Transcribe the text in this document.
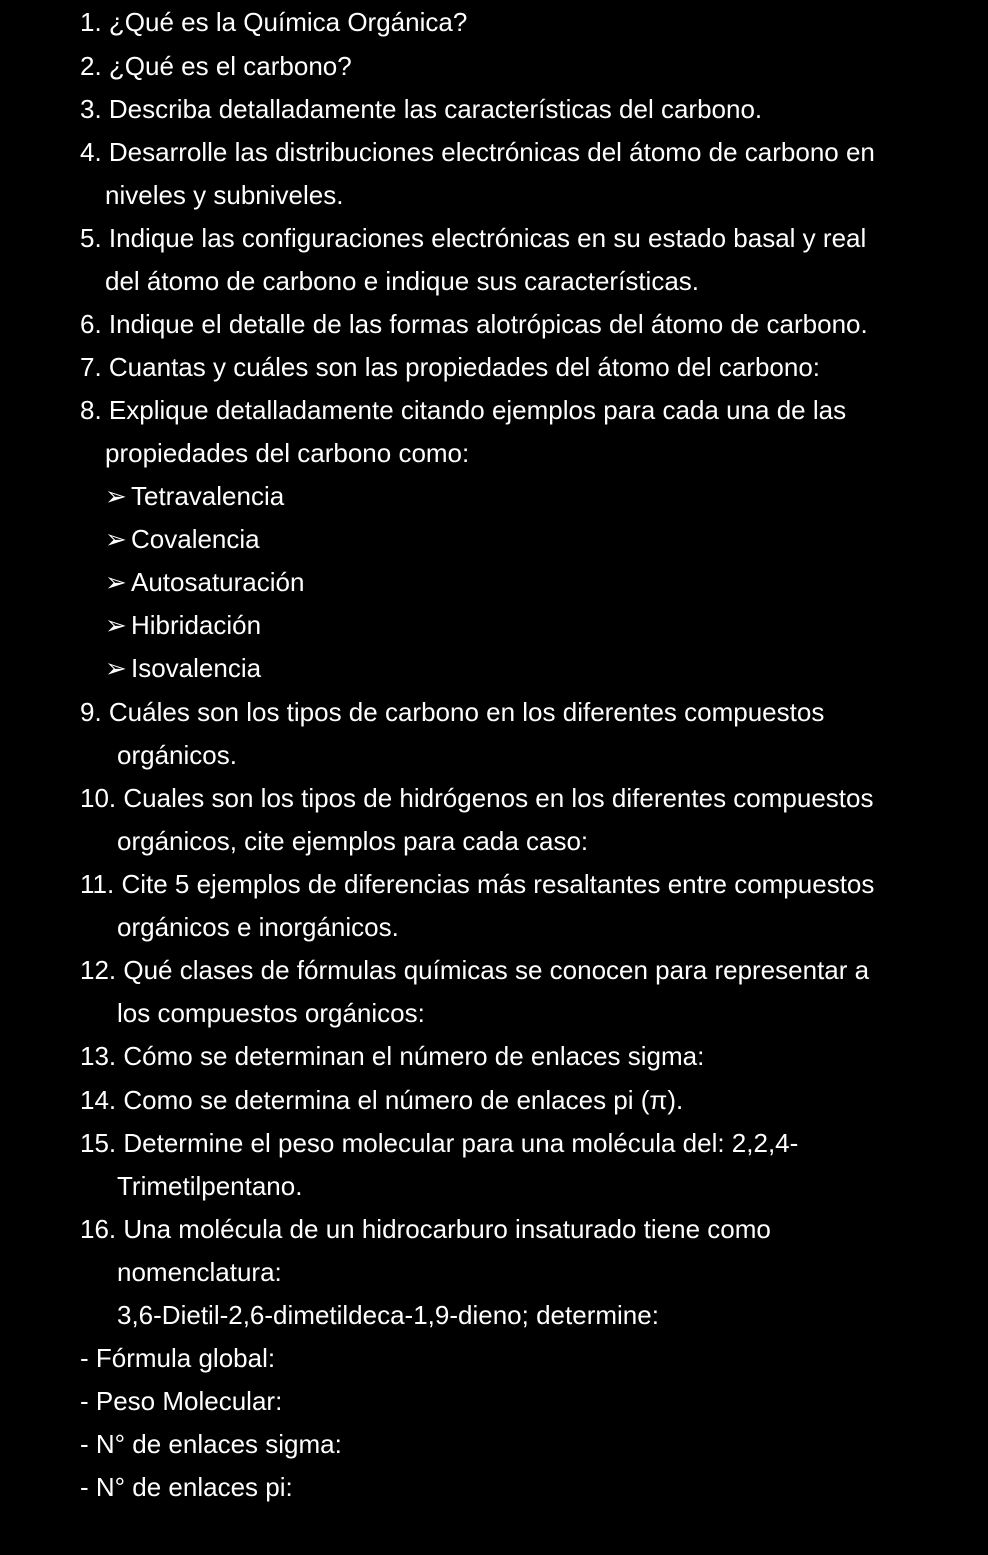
1. ¿Qué es la Química Orgánica?
2. ¿Qué es el carbono?
3. Describa detalladamente las características del carbono.
4. Desarrolle las distribuciones electrónicas del átomo de carbono en
niveles y subniveles.
5. Indique las configuraciones electrónicas en su estado basal y real
del átomo de carbono e indique sus características.
6. Indique el detalle de las formas alotrópicas del átomo de carbono.
7. Cuantas y cuáles son las propiedades del átomo del carbono:
8. Explique detalladamente citando ejemplos para cada una de las
propiedades del carbono como:
➢ Tetravalencia
➢ Covalencia
➢ Autosaturación
➢ Hibridación
➢ Isovalencia
9. Cuáles son los tipos de carbono en los diferentes compuestos
orgánicos.
10. Cuales son los tipos de hidrógenos en los diferentes compuestos
orgánicos, cite ejemplos para cada caso:
11. Cite 5 ejemplos de diferencias más resaltantes entre compuestos
orgánicos e inorgánicos.
12. Qué clases de fórmulas químicas se conocen para representar a
los compuestos orgánicos:
13. Cómo se determinan el número de enlaces sigma:
14. Como se determina el número de enlaces pi (π).
15. Determine el peso molecular para una molécula del: 2,2,4-
Trimetilpentano.
16. Una molécula de un hidrocarburo insaturado tiene como
nomenclatura:
3,6-Dietil-2,6-dimetildeca-1,9-dieno; determine:
- Fórmula global:
- Peso Molecular:
- N° de enlaces sigma:
- N° de enlaces pi:
